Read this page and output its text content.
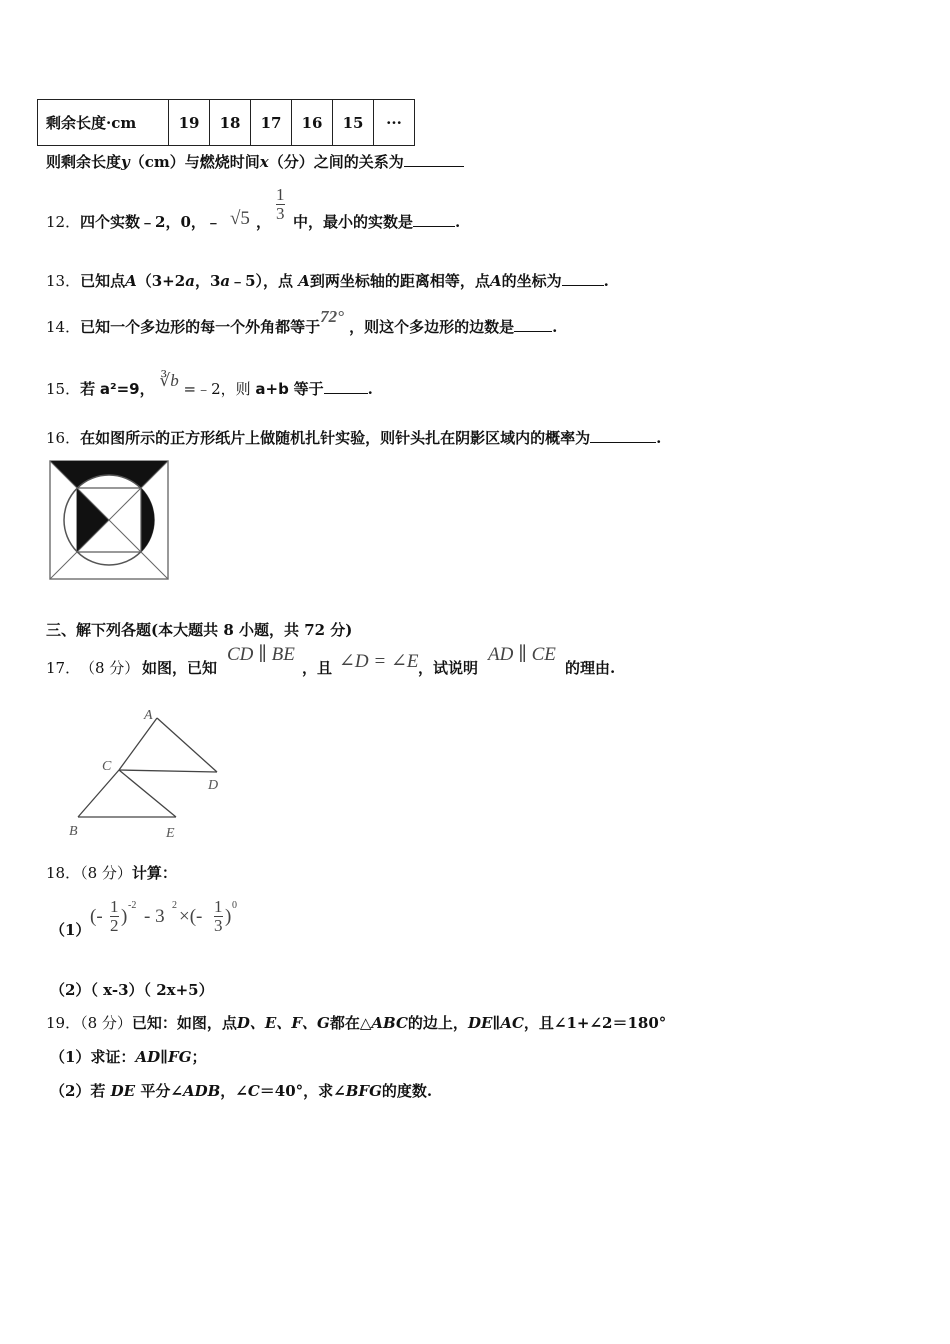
剩余长度·cm	19	18	17	16	15	···
则剩余长度y（cm）与燃烧时间x（分）之间的关系为
12． 四个实数﹣2，0，﹣ √5 ，
1
3 中，最小的实数是	.
13．已知点A（3+2a，3a﹣5），点 A到两坐标轴的距离相等，点A的坐标为	.
14．已知一个多边形的每一个外角都等于72° ，则这个多边形的边数是	.
15．若 a²=9， ∛b =﹣2，则 a+b 等于	.
16．在如图所示的正方形纸片上做随机扎针实验，则针头扎在阴影区域内的概率为	.
三、解下列各题(本大题共 8 小题，共 72 分)
17． （8 分） 如图，已知
CD ∥ BE
，且 ∠D = ∠E ，试说明
AD ∥ CE
的理由.
A
C
D
B	E
18．（8 分）计算：
（1）
(- 1
2 )
-2
- 3
2
×(- 1
3 )
0
（2）（ x-3）（ 2x+5）
19．（8 分）已知：如图，点D、E、F、G都在△ABC的边上，DE∥AC，且∠1+∠2＝180°
（1）求证：AD∥FG；
（2）若 DE 平分∠ADB，∠C＝40°，求∠BFG的度数.
